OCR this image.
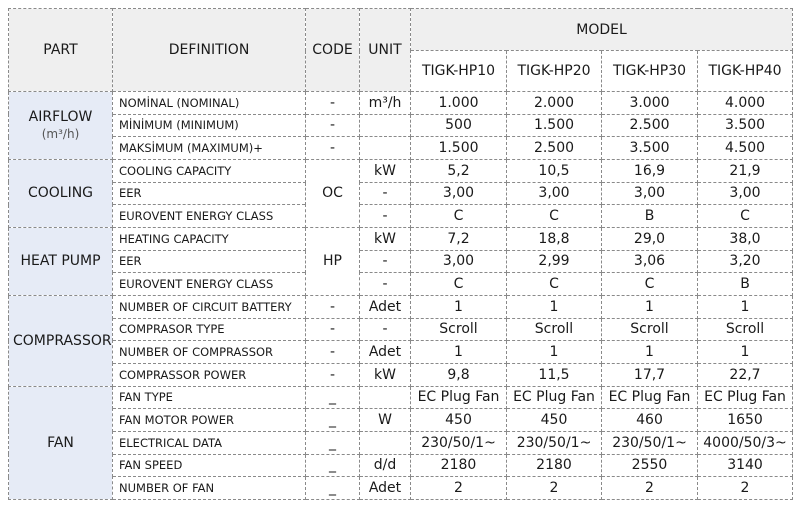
PART	DEFINITION	CODE	UNIT	MODEL			
				TIGK-HP10	TIGK-HP20	TIGK-HP30	TIGK-HP40
AIRFLOW
(m³/h)	NOMİNAL (NOMINAL)	-	m³/h	1.000	2.000	3.000	4.000
	MİNİMUM (MINIMUM)	-		500	1.500	2.500	3.500
	MAKSİMUM (MAXIMUM)+	-		1.500	2.500	3.500	4.500
COOLING	COOLING CAPACITY	OC	kW	5,2	10,5	16,9	21,9
	EER		-	3,00	3,00	3,00	3,00
	EUROVENT ENERGY CLASS		-	C	C	B	C
HEAT PUMP	HEATING CAPACITY	HP	kW	7,2	18,8	29,0	38,0
	EER		-	3,00	2,99	3,06	3,20
	EUROVENT ENERGY CLASS		-	C	C	C	B
COMPRASSOR	NUMBER OF CIRCUIT BATTERY	-	Adet	1	1	1	1
	COMPRASOR TYPE	-	-	Scroll	Scroll	Scroll	Scroll
	NUMBER OF COMPRASSOR	-	Adet	1	1	1	1
	COMPRASSOR POWER	-	kW	9,8	11,5	17,7	22,7
FAN	FAN TYPE	_		EC Plug Fan	EC Plug Fan	EC Plug Fan	EC Plug Fan
	FAN MOTOR POWER	_	W	450	450	460	1650
	ELECTRICAL DATA	_		230/50/1~	230/50/1~	230/50/1~	4000/50/3~
	FAN SPEED	_	d/d	2180	2180	2550	3140
	NUMBER OF FAN	_	Adet	2	2	2	2
